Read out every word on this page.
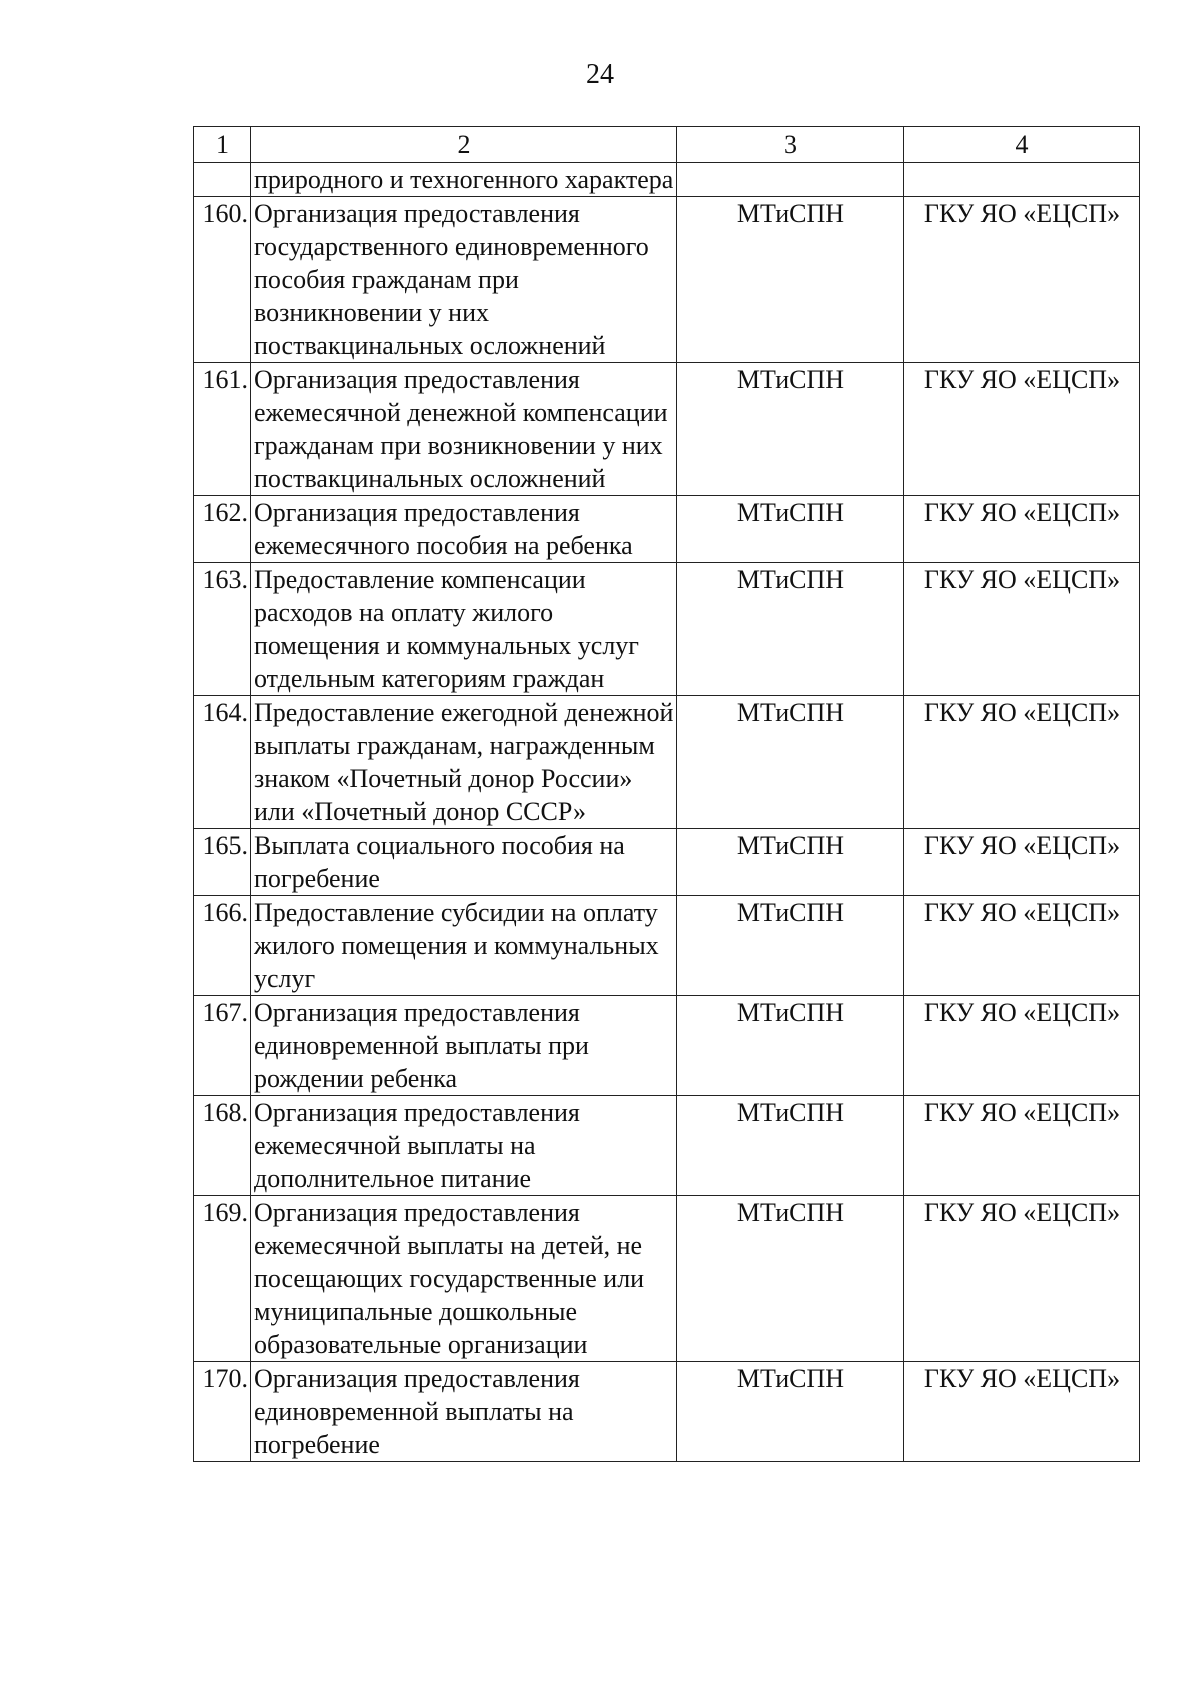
24
1	2	3	4
	природного и техногенного характера		
160.	Организация предоставления государственного единовременного пособия гражданам при возникновении у них поствакцинальных осложнений	МТиСПН	ГКУ ЯО «ЕЦСП»
161.	Организация предоставления ежемесячной денежной компенсации гражданам при возникновении у них поствакцинальных осложнений	МТиСПН	ГКУ ЯО «ЕЦСП»
162.	Организация предоставления ежемесячного пособия на ребенка	МТиСПН	ГКУ ЯО «ЕЦСП»
163.	Предоставление компенсации расходов на оплату жилого помещения и коммунальных услуг отдельным категориям граждан	МТиСПН	ГКУ ЯО «ЕЦСП»
164.	Предоставление ежегодной денежной выплаты гражданам, награжденным знаком «Почетный донор России» или «Почетный донор СССР»	МТиСПН	ГКУ ЯО «ЕЦСП»
165.	Выплата социального пособия на погребение	МТиСПН	ГКУ ЯО «ЕЦСП»
166.	Предоставление субсидии на оплату жилого помещения и коммунальных услуг	МТиСПН	ГКУ ЯО «ЕЦСП»
167.	Организация предоставления единовременной выплаты при рождении ребенка	МТиСПН	ГКУ ЯО «ЕЦСП»
168.	Организация предоставления ежемесячной выплаты на дополнительное питание	МТиСПН	ГКУ ЯО «ЕЦСП»
169.	Организация предоставления ежемесячной выплаты на детей, не посещающих государственные или муниципальные дошкольные образовательные организации	МТиСПН	ГКУ ЯО «ЕЦСП»
170.	Организация предоставления единовременной выплаты на погребение	МТиСПН	ГКУ ЯО «ЕЦСП»
